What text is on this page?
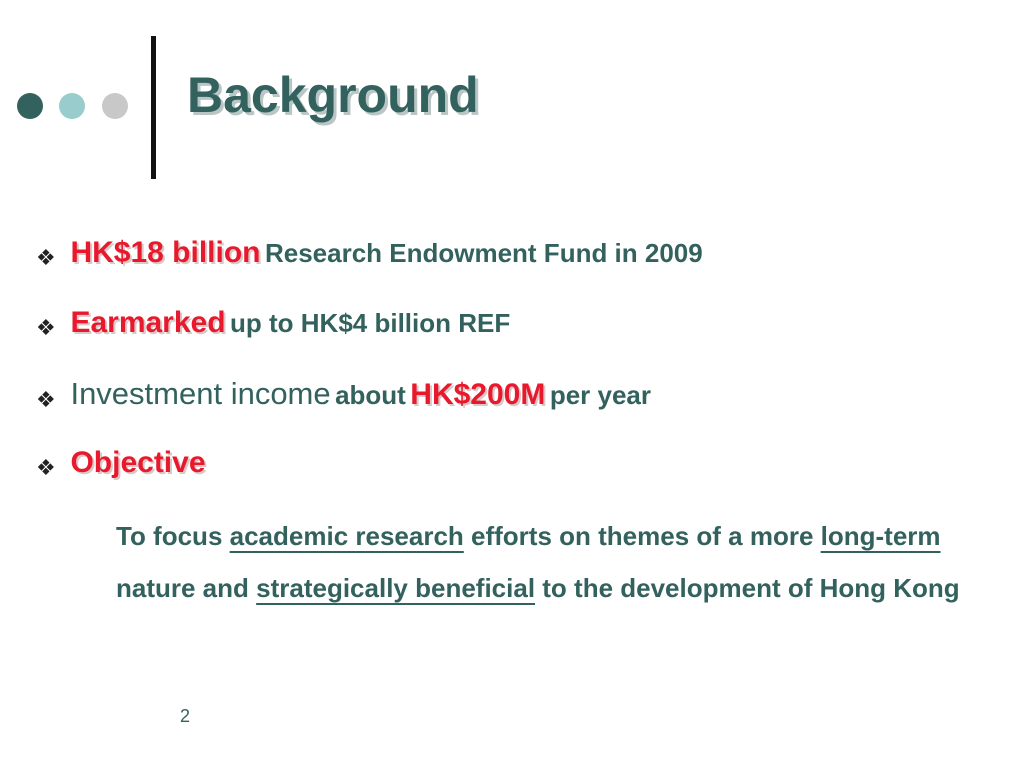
Background
❖ HK$18 billion Research Endowment Fund in 2009
❖ Earmarked up to HK$4 billion REF
❖ Investment income about HK$200M per year
❖ Objective
To focus academic research efforts on themes of a more long-term nature and strategically beneficial to the development of Hong Kong
2
